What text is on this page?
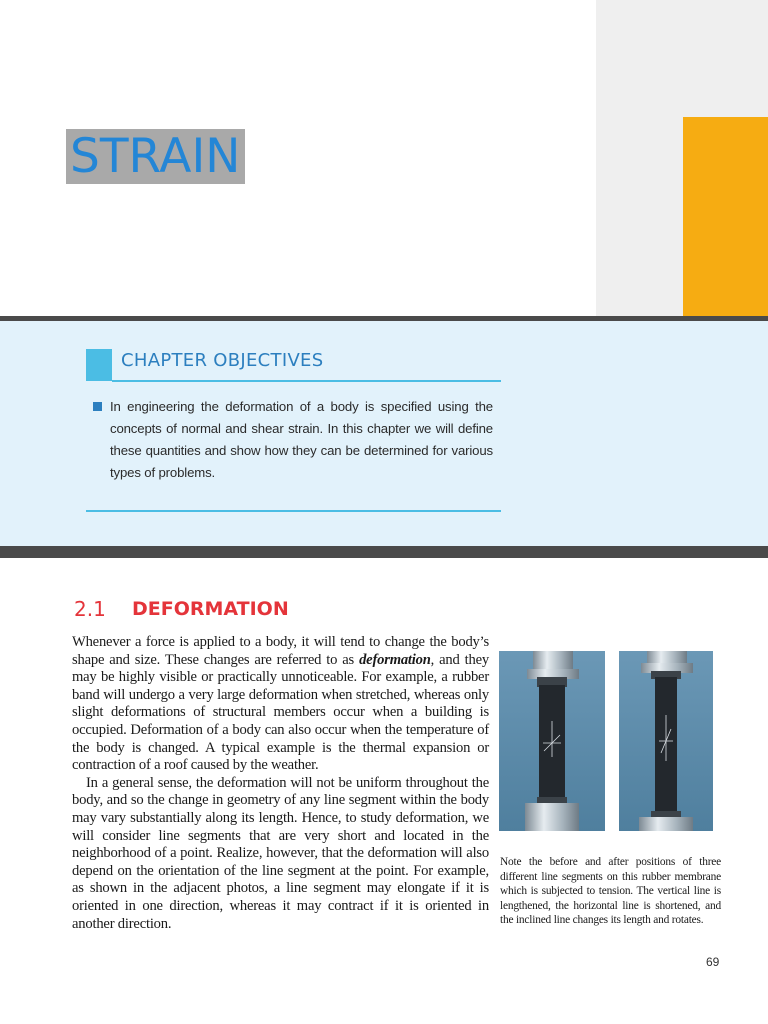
STRAIN
CHAPTER OBJECTIVES
In engineering the deformation of a body is specified using the concepts of normal and shear strain. In this chapter we will define these quantities and show how they can be determined for various types of problems.
2.1 DEFORMATION

Whenever a force is applied to a body, it will tend to change the body’s shape and size. These changes are referred to as deformation, and they may be highly visible or practically unnoticeable. For example, a rubber band will undergo a very large deformation when stretched, whereas only slight deformations of structural members occur when a building is occupied. Deformation of a body can also occur when the temperature of the body is changed. A typical example is the thermal expansion or contraction of a roof caused by the weather.

In a general sense, the deformation will not be uniform throughout the body, and so the change in geometry of any line segment within the body may vary substantially along its length. Hence, to study deformation, we will consider line segments that are very short and located in the neighborhood of a point. Realize, however, that the deformation will also depend on the orientation of the line segment at the point. For example, as shown in the adjacent photos, a line segment may elongate if it is oriented in one direction, whereas it may contract if it is oriented in another direction.

Note the before and after positions of three different line segments on this rubber membrane which is subjected to tension. The vertical line is lengthened, the horizontal line is shortened, and the inclined line changes its length and rotates.
69
